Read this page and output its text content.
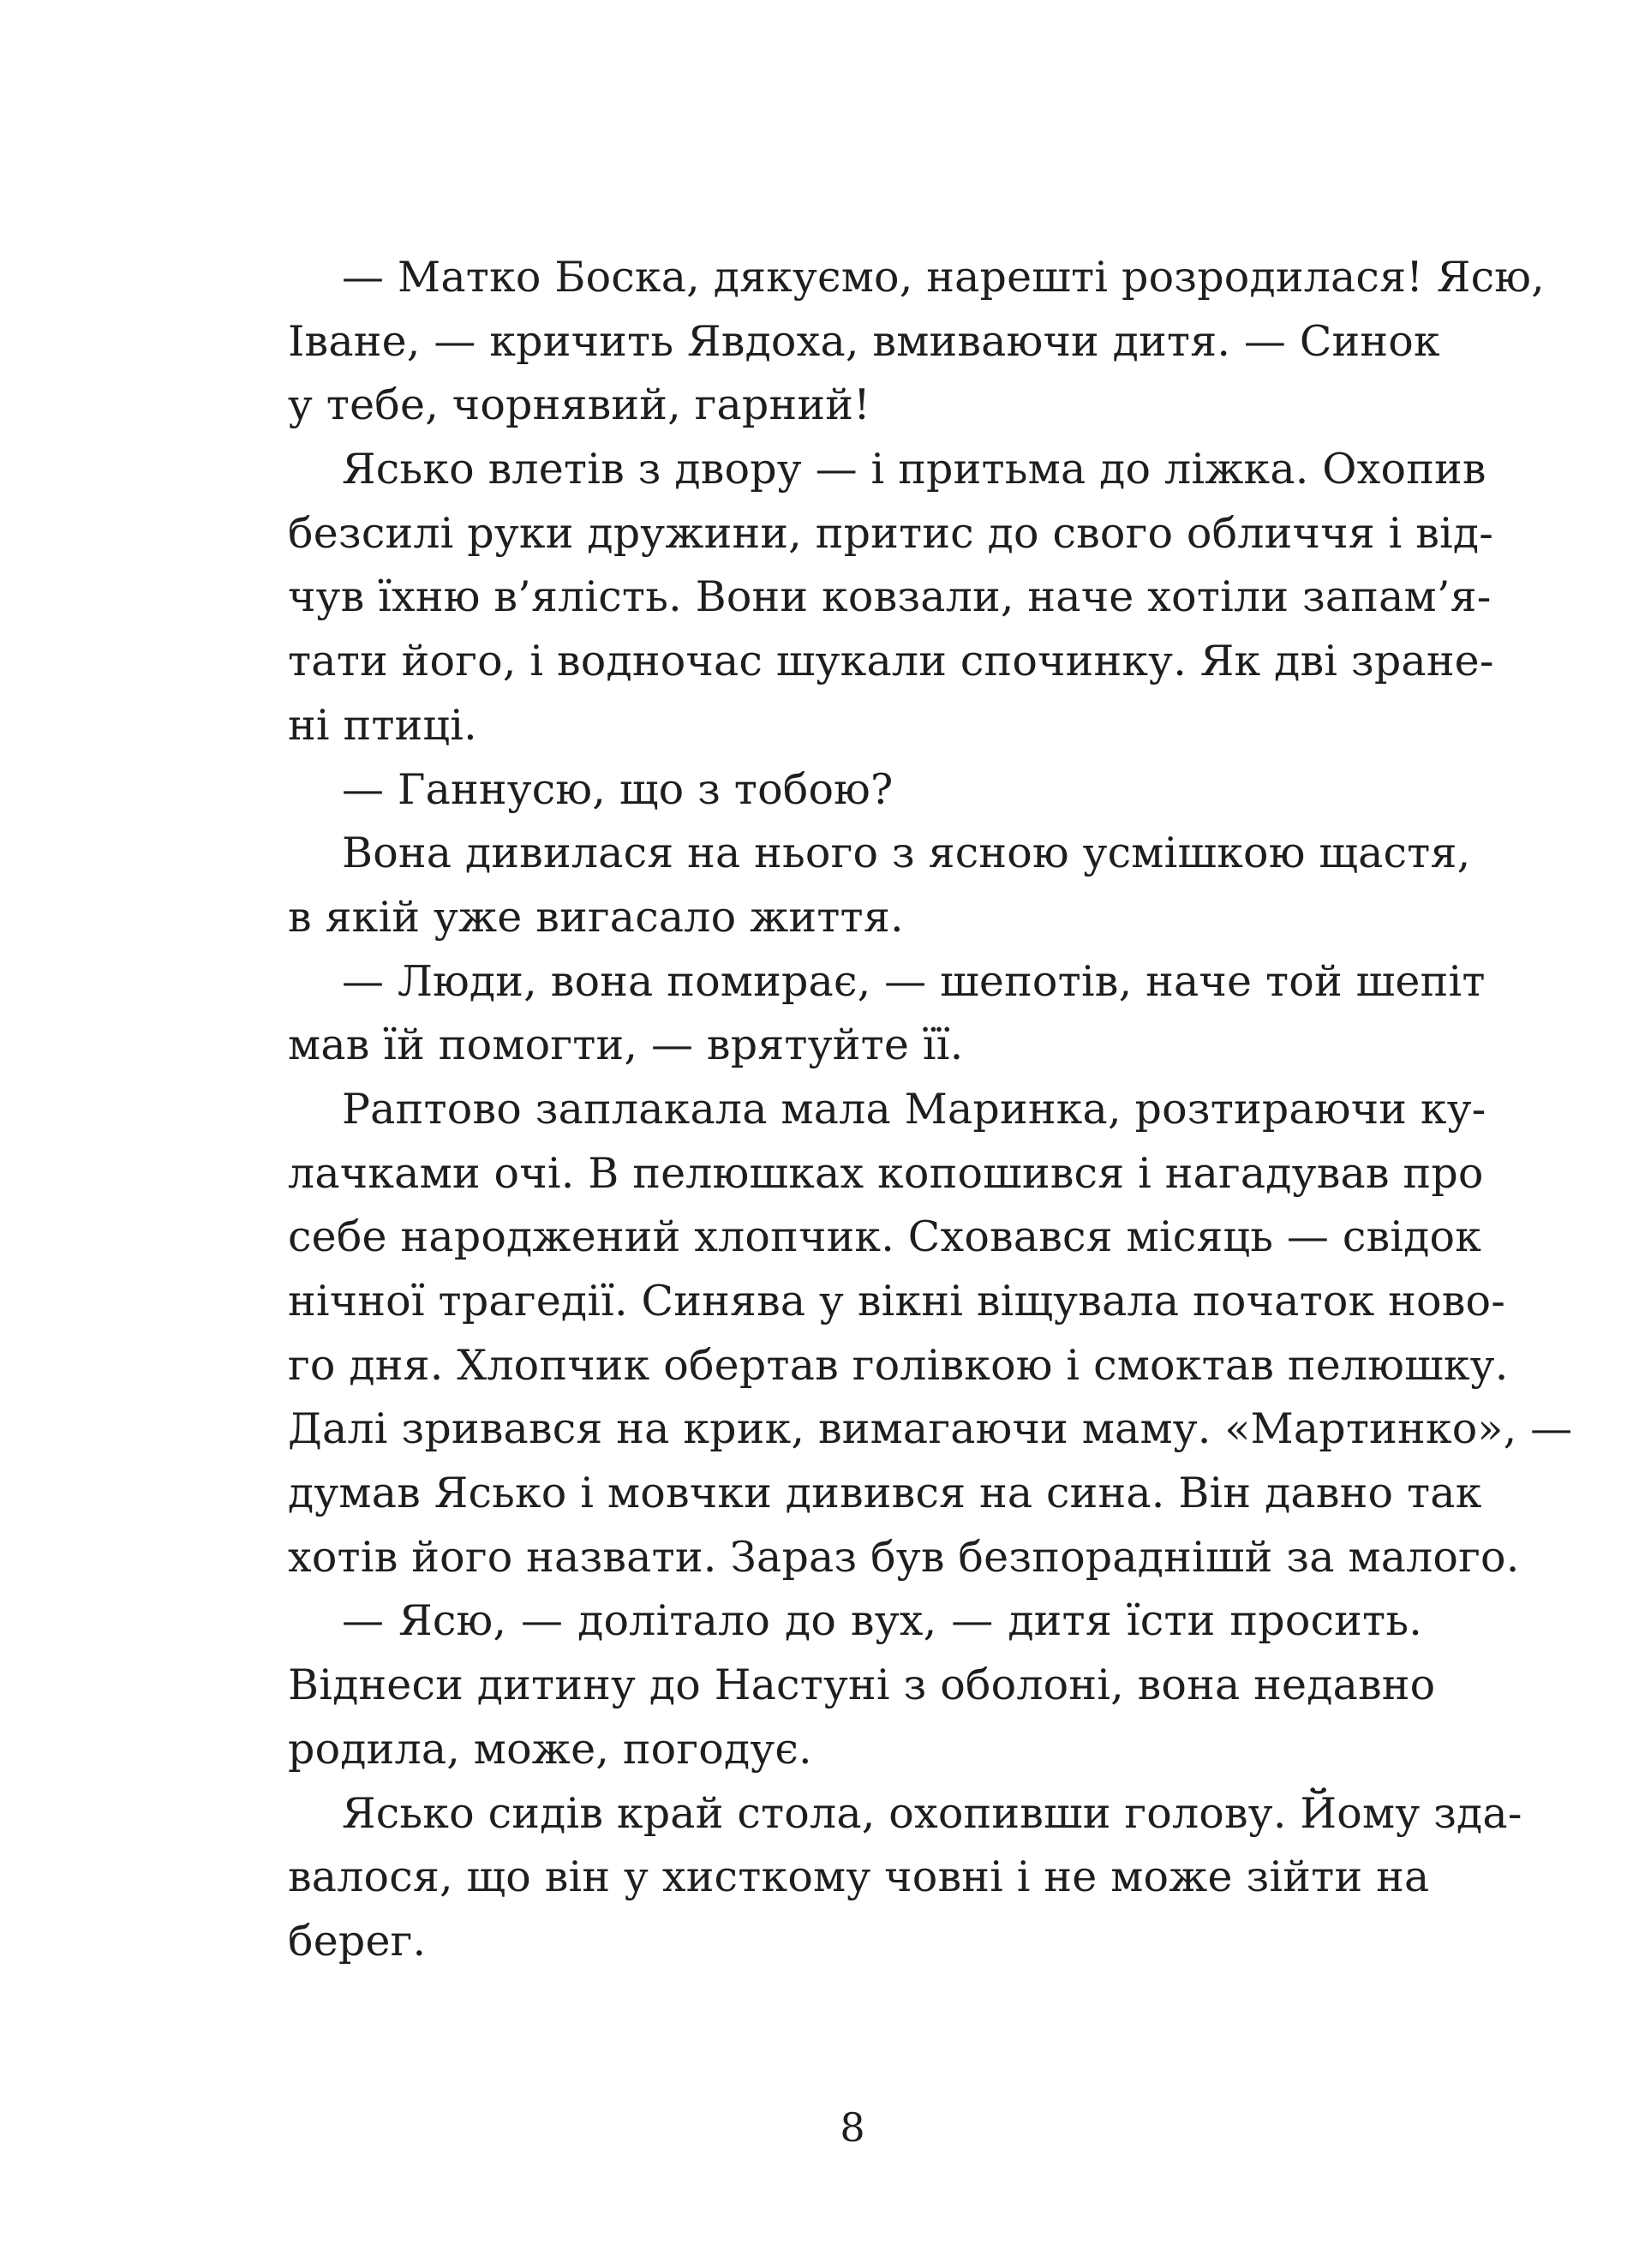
— Матко Боска, дякуємо, нарешті розродилася! Ясю,
Іване, — кричить Явдоха, вмиваючи дитя. — Синок
у тебе, чорнявий, гарний!
Ясько влетів з двору — і притьма до ліжка. Охопив
безсилі руки дружини, притис до свого обличчя і від-
чув їхню в’ялість. Вони ковзали, наче хотіли запам’я-
тати його, і водночас шукали спочинку. Як дві зране-
ні птиці.
— Ганнусю, що з тобою?
Вона дивилася на нього з ясною усмішкою щастя,
в якій уже вигасало життя.
— Люди, вона помирає, — шепотів, наче той шепіт
мав їй помогти, — врятуйте її.
Раптово заплакала мала Маринка, розтираючи ку-
лачками очі. В пелюшках копошився і нагадував про
себе народжений хлопчик. Сховався місяць — свідок
нічної трагедії. Синява у вікні віщувала початок ново-
го дня. Хлопчик обертав голівкою і смоктав пелюшку.
Далі зривався на крик, вимагаючи маму. «Мартинко», —
думав Ясько і мовчки дивився на сина. Він давно так
хотів його назвати. Зараз був безпораднішй за малого.
— Ясю, — долітало до вух, — дитя їсти просить.
Віднеси дитину до Настуні з оболоні, вона недавно
родила, може, погодує.
Ясько сидів край стола, охопивши голову. Йому зда-
валося, що він у хисткому човні і не може зійти на
берег.
8
